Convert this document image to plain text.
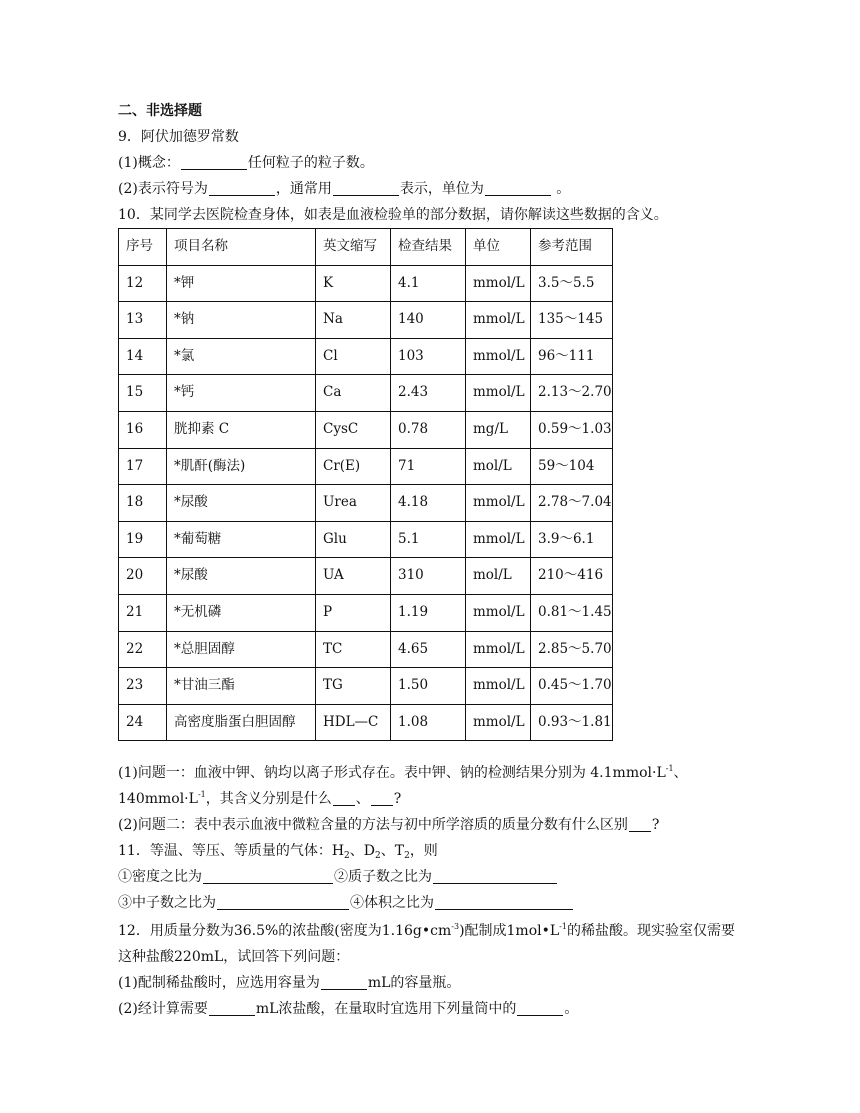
二、非选择题
9．阿伏加德罗常数
(1)概念：	任何粒子的粒子数。
(2)表示符号为	，通常用	表示，单位为	。
10．某同学去医院检查身体，如表是血液检验单的部分数据，请你解读这些数据的含义。
序号	项目名称	英文缩写	检查结果	单位	参考范围
12	*钾	K	4.1	mmol/L	3.5～5.5
13	*钠	Na	140	mmol/L	135～145
14	*氯	Cl	103	mmol/L	96～111
15	*钙	Ca	2.43	mmol/L	2.13～2.70
16	胱抑素 C	CysC	0.78	mg/L	0.59～1.03
17	*肌酐(酶法)	Cr(E)	71	mol/L	59～104
18	*尿酸	Urea	4.18	mmol/L	2.78～7.04
19	*葡萄糖	Glu	5.1	mmol/L	3.9～6.1
20	*尿酸	UA	310	mol/L	210～416
21	*无机磷	P	1.19	mmol/L	0.81～1.45
22	*总胆固醇	TC	4.65	mmol/L	2.85～5.70
23	*甘油三酯	TG	1.50	mmol/L	0.45～1.70
24	高密度脂蛋白胆固醇	HDL—C	1.08	mmol/L	0.93～1.81
(1)问题一：血液中钾、钠均以离子形式存在。表中钾、钠的检测结果分别为 $4.1mmol\cdot L^{-1}$、
$140mmol\cdot L^{-1}$，其含义分别是什么 、 ?
(2)问题二：表中表示血液中微粒含量的方法与初中所学溶质的质量分数有什么区别 ?
11．等温、等压、等质量的气体：$H_2$、$D_2$、$T_2$，则
①密度之比为	②质子数之比为
③中子数之比为	④体积之比为
12．用质量分数为36.5%的浓盐酸(密度为$1.16g•cm^{-3}$)配制成$1mol•L^{-1}$的稀盐酸。现实验室仅需要
这种盐酸220mL，试回答下列问题：
(1)配制稀盐酸时，应选用容量为	mL的容量瓶。
(2)经计算需要	mL浓盐酸，在量取时宜选用下列量筒中的	。
